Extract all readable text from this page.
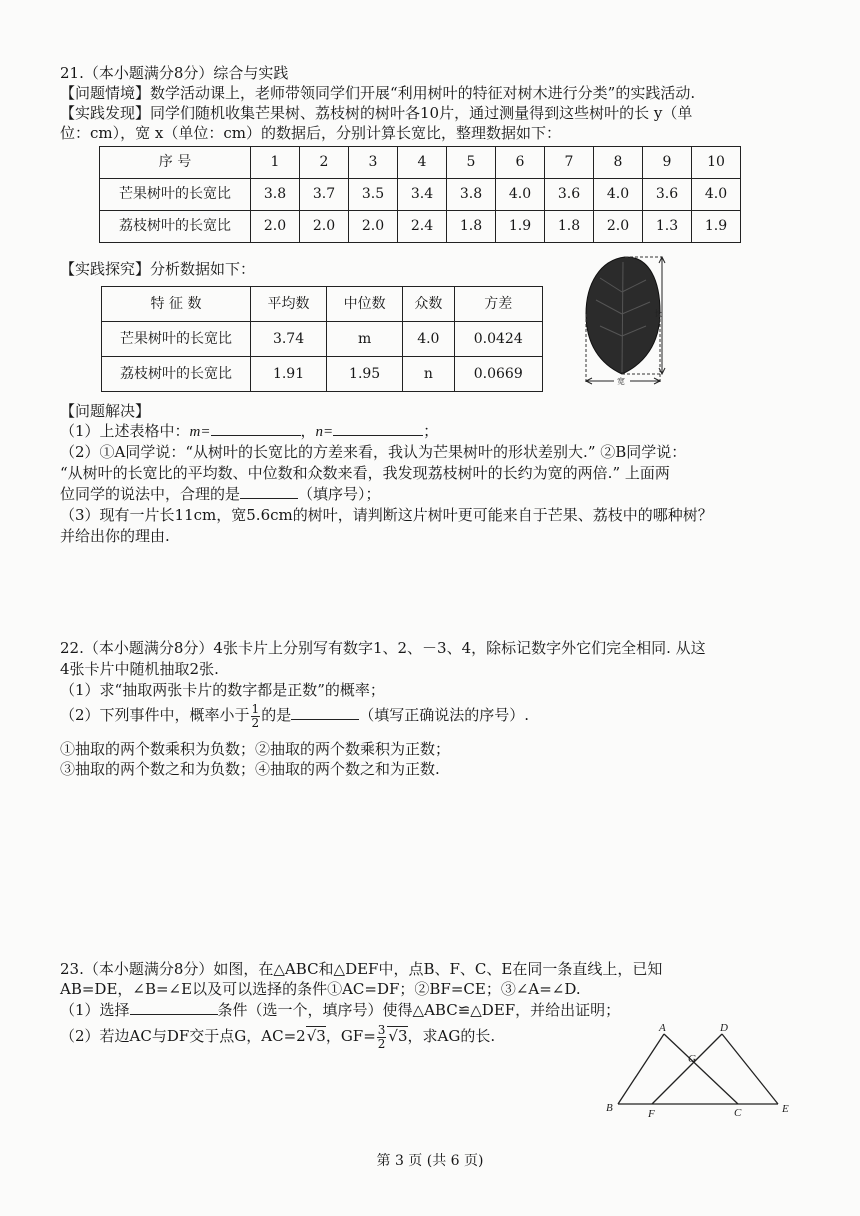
21.（本小题满分8分）综合与实践
【问题情境】数学活动课上，老师带领同学们开展“利用树叶的特征对树木进行分类”的实践活动.
【实践发现】同学们随机收集芒果树、荔枝树的树叶各10片，通过测量得到这些树叶的长 y（单
位：cm），宽 x（单位：cm）的数据后，分别计算长宽比，整理数据如下：
序 号	1	2	3	4	5	6	7	8	9	10
芒果树叶的长宽比	3.8	3.7	3.5	3.4	3.8	4.0	3.6	4.0	3.6	4.0
荔枝树叶的长宽比	2.0	2.0	2.0	2.4	1.8	1.9	1.8	2.0	1.3	1.9
【实践探究】分析数据如下：
特 征 数	平均数	中位数	众数	方差
芒果树叶的长宽比	3.74	m	4.0	0.0424
荔枝树叶的长宽比	1.91	1.95	n	0.0669
长
宽
【问题解决】
（1）上述表格中：m=	，n=	；
（2）①A同学说：“从树叶的长宽比的方差来看，我认为芒果树叶的形状差别大.” ②B同学说：
“从树叶的长宽比的平均数、中位数和众数来看，我发现荔枝树叶的长约为宽的两倍.” 上面两
位同学的说法中，合理的是	（填序号）；
（3）现有一片长11cm，宽5.6cm的树叶，请判断这片树叶更可能来自于芒果、荔枝中的哪种树？
并给出你的理由.
22.（本小题满分8分）4张卡片上分别写有数字1、2、－3、4，除标记数字外它们完全相同. 从这
4张卡片中随机抽取2张.
（1）求“抽取两张卡片的数字都是正数”的概率；
（2）下列事件中，概率小于 $\frac{1}{2}$ 的是	（填写正确说法的序号）.
①抽取的两个数乘积为负数；②抽取的两个数乘积为正数；
③抽取的两个数之和为负数；④抽取的两个数之和为正数.
23.（本小题满分8分）如图，在△ABC和△DEF中，点B、F、C、E在同一条直线上，已知
AB=DE，∠B=∠E以及可以选择的条件①AC=DF；②BF=CE；③∠A=∠D.
（1）选择	条件（选一个，填序号）使得△ABC≌△DEF，并给出证明；
（2）若边AC与DF交于点G，AC=2√3，$GF= \frac{3}{2} √3$，求AG的长.	A	D
G
B	F	C	E
第 3 页 (共 6 页)
